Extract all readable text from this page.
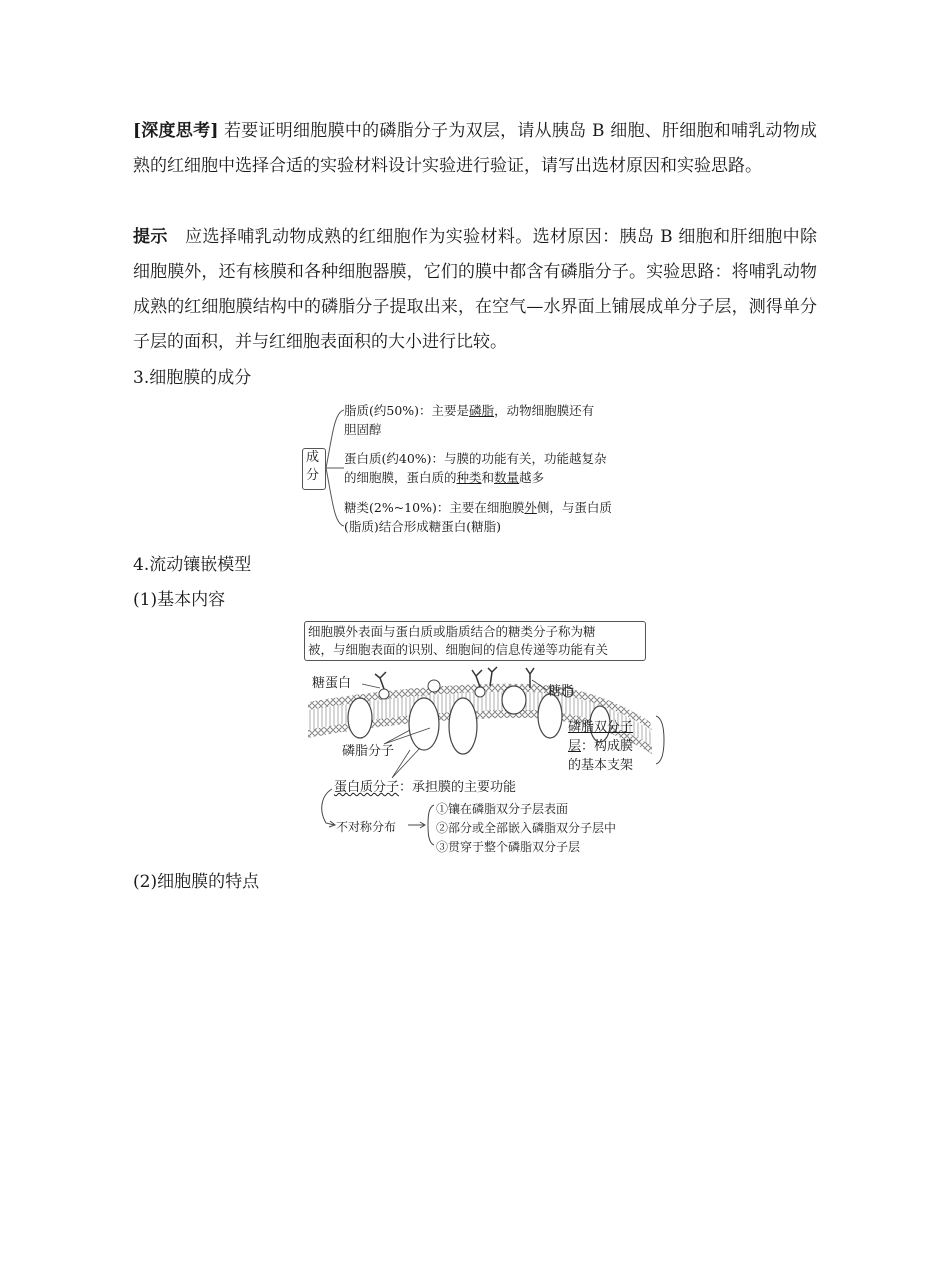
[深度思考] 若要证明细胞膜中的磷脂分子为双层，请从胰岛 B 细胞、肝细胞和哺乳动物成熟的红细胞中选择合适的实验材料设计实验进行验证，请写出选材原因和实验思路。
提示　应选择哺乳动物成熟的红细胞作为实验材料。选材原因：胰岛 B 细胞和肝细胞中除细胞膜外，还有核膜和各种细胞器膜，它们的膜中都含有磷脂分子。实验思路：将哺乳动物成熟的红细胞膜结构中的磷脂分子提取出来，在空气—水界面上铺展成单分子层，测得单分子层的面积，并与红细胞表面积的大小进行比较。
3.细胞膜的成分
成分
脂质(约50%)：主要是磷脂，动物细胞膜还有
胆固醇
蛋白质(约40%)：与膜的功能有关，功能越复杂
的细胞膜，蛋白质的种类和数量越多
糖类(2%~10%)：主要在细胞膜外侧，与蛋白质
(脂质)结合形成糖蛋白(糖脂)
4.流动镶嵌模型
(1)基本内容
细胞膜外表面与蛋白质或脂质结合的糖类分子称为糖
被，与细胞表面的识别、细胞间的信息传递等功能有关
糖蛋白
糖脂
磷脂分子
磷脂双分子
层：构成膜
的基本支架
蛋白质分子：承担膜的主要功能
不对称分布
①镶在磷脂双分子层表面
②部分或全部嵌入磷脂双分子层中
③贯穿于整个磷脂双分子层
(2)细胞膜的特点
